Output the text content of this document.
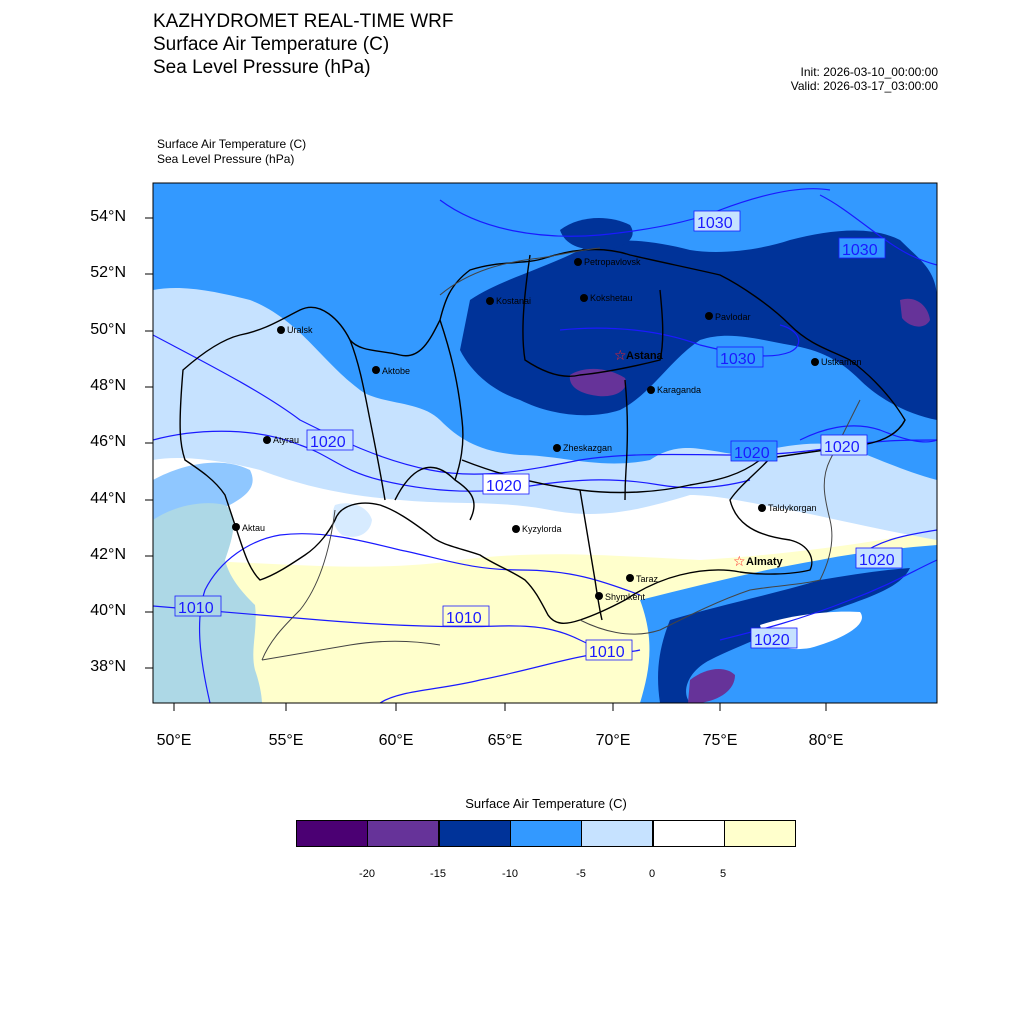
KAZHYDROMET REAL-TIME WRF
Surface Air Temperature (C)
Sea Level Pressure (hPa)	Init: 2026-03-10_00:00:00
Valid: 2026-03-17_03:00:00
Surface Air Temperature (C)
Sea Level Pressure (hPa)
1030
1030
1030
1020
1020	1020
1020
1020
1020
1010
1010
1010
Petropavlovsk
Kostanai	Kokshetau
Pavlodar
Uralsk
Aktobe
☆ Astana	Ustkamen
Karaganda
Atyrau
Zheskazgan
Taldykorgan
Aktau	Kyzylorda
☆ Almaty
Taraz
Shymkent
54°N
52°N
50°N
48°N
46°N
44°N
42°N
40°N
38°N
50°E	55°E	60°E	65°E	70°E	75°E	80°E
Surface Air Temperature (C)
-20	-15	-10	-5	0	5
